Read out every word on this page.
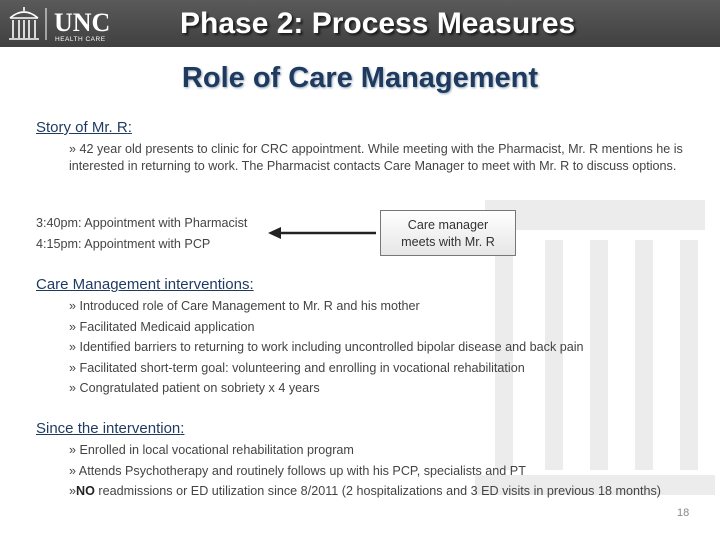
UNC
HEALTH CARE Phase 2: Process Measures
Role of Care Management
Story of Mr. R:
» 42 year old presents to clinic for CRC appointment. While meeting with the Pharmacist, Mr. R mentions he is interested in returning to work. The Pharmacist contacts Care Manager to meet with Mr. R to discuss options.
3:40pm: Appointment with Pharmacist
4:15pm: Appointment with PCP
Care manager
meets with Mr. R
Care Management interventions:
» Introduced role of Care Management to Mr. R and his mother
» Facilitated Medicaid application
» Identified barriers to returning to work including uncontrolled bipolar disease and back pain
» Facilitated short-term goal: volunteering and enrolling in vocational rehabilitation
» Congratulated patient on sobriety x 4 years
Since the intervention:
» Enrolled in local vocational rehabilitation program
» Attends Psychotherapy and routinely follows up with his PCP, specialists and PT
»NO readmissions or ED utilization since 8/2011 (2 hospitalizations and 3 ED visits in previous 18 months)
18
